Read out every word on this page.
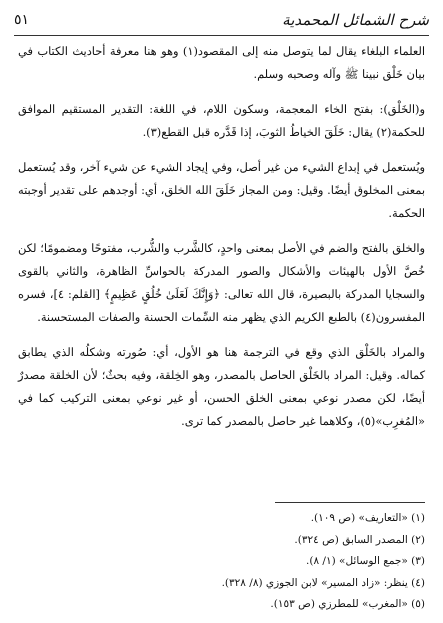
٥١	شرح الشمائل المحمدية

العلماء البلغاء يقال لما يتوصل منه إلى المقصود(١) وهو هنا معرفة أحاديث الكتاب في بيان خَلْق نبينا ﷺ وآله وصحبه وسلم.

و(الخَلْق): بفتح الخاء المعجمة، وسكون اللام، في اللغة: التقدير المستقيم الموافق للحكمة(٢) يقال: خَلَقَ الخياطُ الثوبَ، إذا قَدَّره قبل القطع(٣).

ويُستعمل في إبداع الشيء من غير أصل، وفي إيجاد الشيء عن شيء آخر، وقد يُستعمل بمعنى المخلوق أيضًا. وقيل: ومن المجاز خَلَقَ الله الخلق، أي: أوجدهم على تقدير أوجبته الحكمة.

والخلق بالفتح والضم في الأصل بمعنى واحدٍ، كالشَّرب والشُّرب، مفتوحًا ومضمومًا؛ لكن خُصَّ الأول بالهيئات والأشكال والصور المدركة بالحواسِّ الظاهرة، والثاني بالقوى والسجايا المدركة بالبصيرة، قال الله تعالى: ﴿وَإِنَّكَ لَعَلَىٰ خُلُقٍ عَظِيمٍ﴾ [القلم: ٤]، فسره المفسرون(٤) بالطبع الكريم الذي يظهر منه السِّمات الحسنة والصفات المستحسنة.

والمراد بالخَلْق الذي وقع في الترجمة هنا هو الأول، أي: صُورته وشكلُه الذي يطابق كماله. وقيل: المراد بالخَلْق الحاصل بالمصدر، وهو الخِلقة، وفيه بحثٌ؛ لأن الخلقة مصدرٌ أيضًا، لكن مصدر نوعي بمعنى الخلق الحسن، أو غير نوعي بمعنى التركيب كما في «المُغرِب»(٥)، وكلاهما غير حاصل بالمصدر كما ترى.

(١) «التعاريف» (ص ١٠٩).
(٢) المصدر السابق (ص ٣٢٤).
(٣) «جمع الوسائل» (١/ ٨).
(٤) ينظر: «زاد المسير» لابن الجوزي (٨/ ٣٢٨).
(٥) «المغرب» للمطرزي (ص ١٥٣).
